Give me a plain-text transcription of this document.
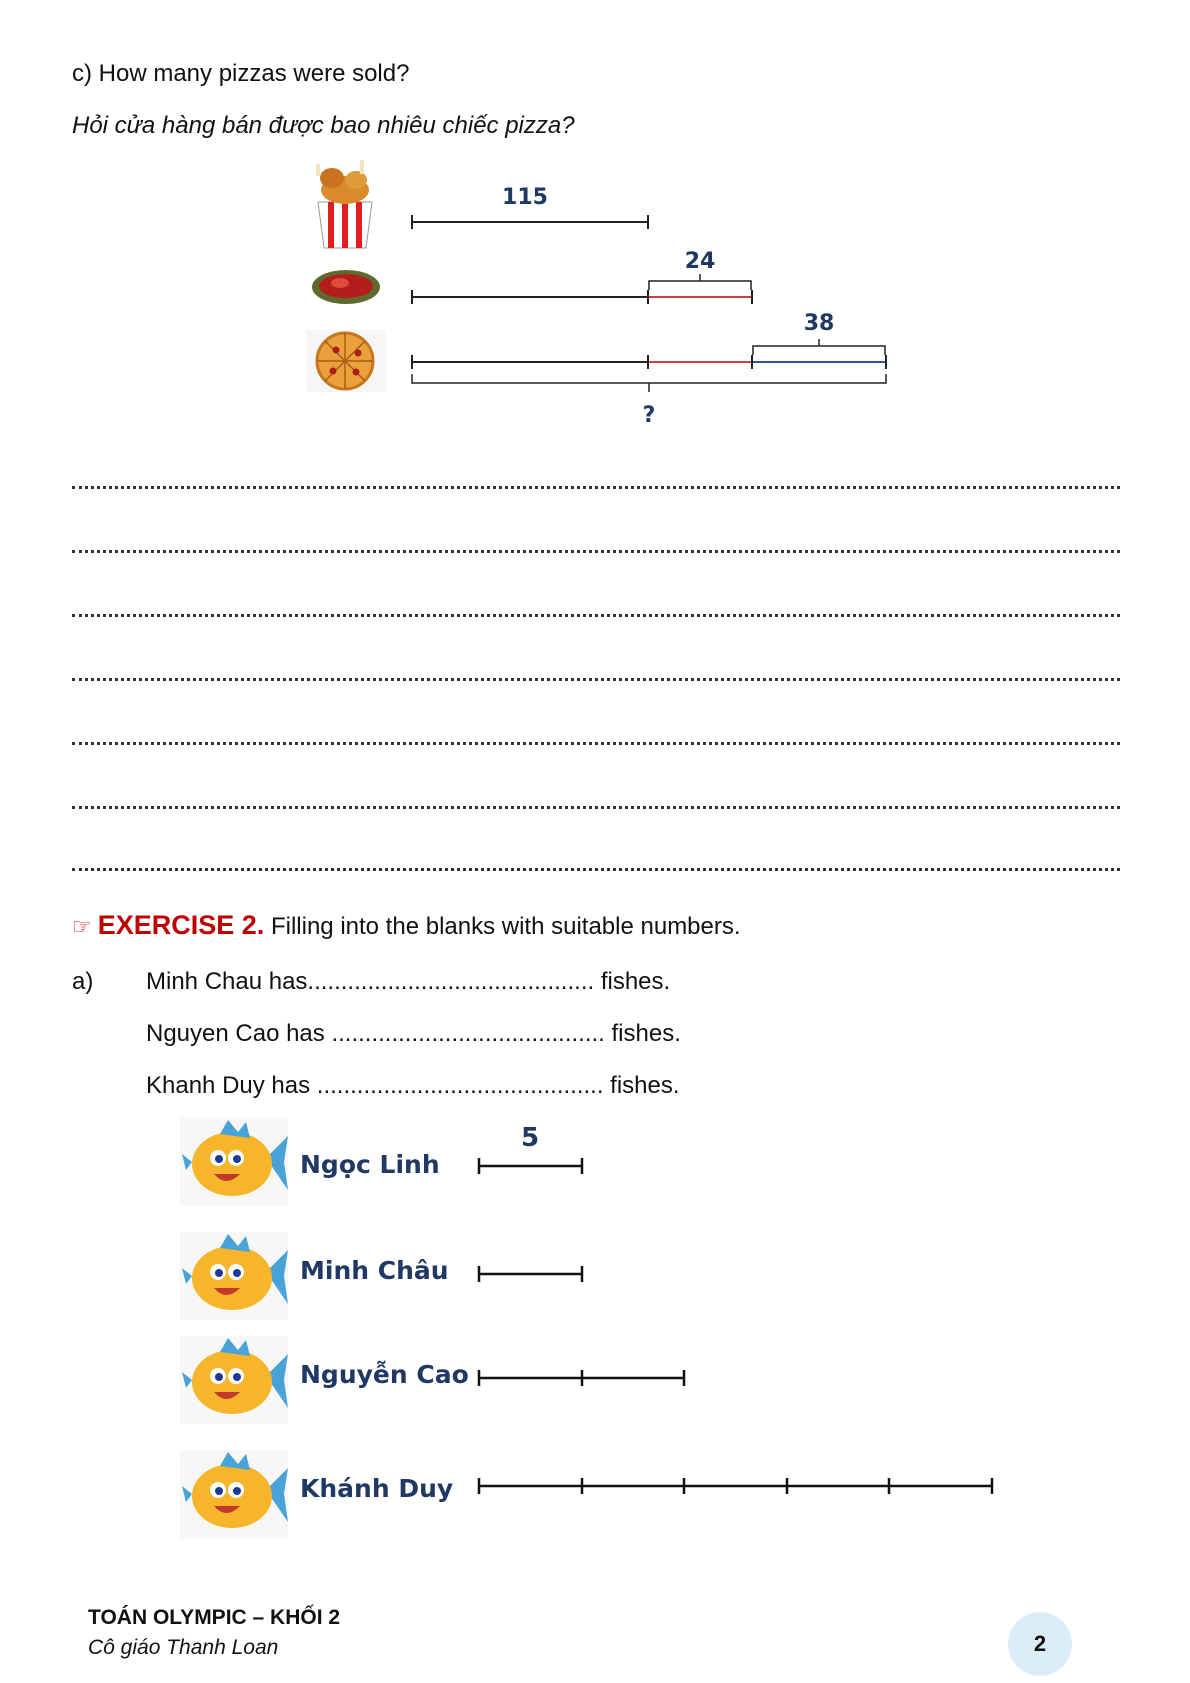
c) How many pizzas were sold?
Hỏi cửa hàng bán được bao nhiêu chiếc pizza?
115
24
38
?
☞ EXERCISE 2. Filling into the blanks with suitable numbers.
a) Minh Chau has........................................... fishes.
Nguyen Cao has ......................................... fishes.
Khanh Duy has ........................................... fishes.
5
Ngọc Linh
Minh Châu
Nguyễn Cao
Khánh Duy
TOÁN OLYMPIC – KHỐI 2
Cô giáo Thanh Loan	2
